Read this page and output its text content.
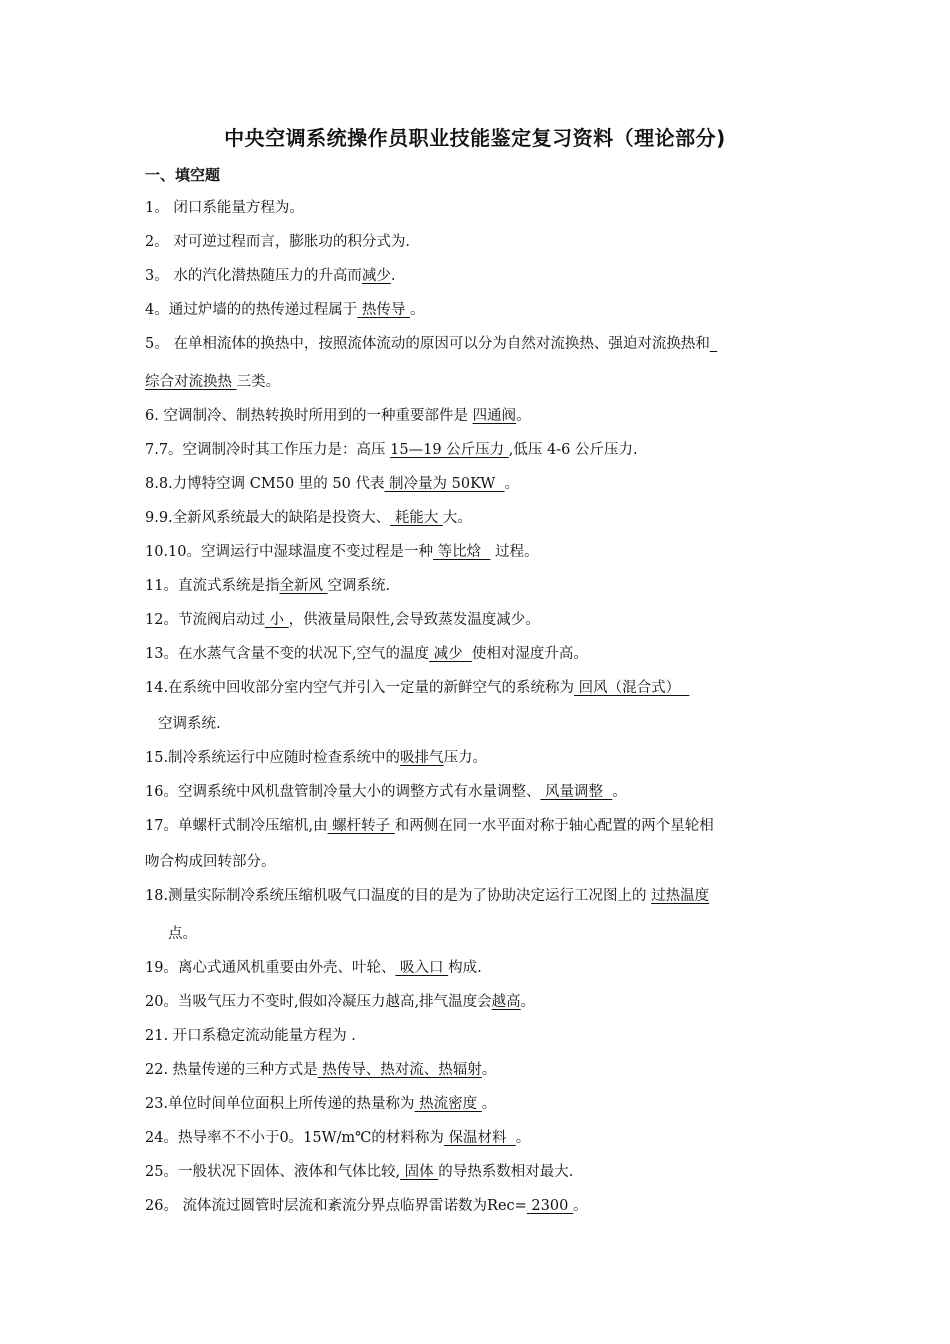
中央空调系统操作员职业技能鉴定复习资料（理论部分)
一、填空题
1。 闭口系能量方程为。
2。 对可逆过程而言，膨胀功的积分式为.
3。 水的汽化潜热随压力的升高而减少.
4。通过炉墙的的热传递过程属于 热传导 。
5。 在单相流体的换热中，按照流体流动的原因可以分为自然对流换热、强迫对流换热和_
综合对流换热 三类。
6. 空调制冷、制热转换时所用到的一种重要部件是 四通阀。
7.7。空调制冷时其工作压力是：高压 15—19 公斤压力 ,低压 4-6 公斤压力.
8.8.力博特空调 CM50 里的 50 代表 制冷量为 50KW  。
9.9.全新风系统最大的缺陷是投资大、 耗能大 大。
10.10。空调运行中湿球温度不变过程是一种 等比焓   过程。
11。直流式系统是指全新风 空调系统.
12。节流阀启动过 小 ，供液量局限性,会导致蒸发温度减少。
13。在水蒸气含量不变的状况下,空气的温度 减少  使相对湿度升高。
14.在系统中回收部分室内空气并引入一定量的新鲜空气的系统称为 回风（混合式）
空调系统.
15.制冷系统运行中应随时检查系统中的吸排气压力。
16。空调系统中风机盘管制冷量大小的调整方式有水量调整、 风量调整  。
17。单螺杆式制冷压缩机,由 螺杆转子 和两侧在同一水平面对称于轴心配置的两个星轮相
吻合构成回转部分。
18.测量实际制冷系统压缩机吸气口温度的目的是为了协助决定运行工况图上的 过热温度
点。
19。离心式通风机重要由外壳、叶轮、 吸入口 构成.
20。当吸气压力不变时,假如冷凝压力越高,排气温度会越高。
21. 开口系稳定流动能量方程为 .
22. 热量传递的三种方式是 热传导、热对流、热辐射。
23.单位时间单位面积上所传递的热量称为 热流密度 。
24。热导率不不小于0。15W/m℃的材料称为 保温材料  。
25。一般状况下固体、液体和气体比较, 固体 的导热系数相对最大.
26。 流体流过圆管时层流和紊流分界点临界雷诺数为Rec= 2300 。
